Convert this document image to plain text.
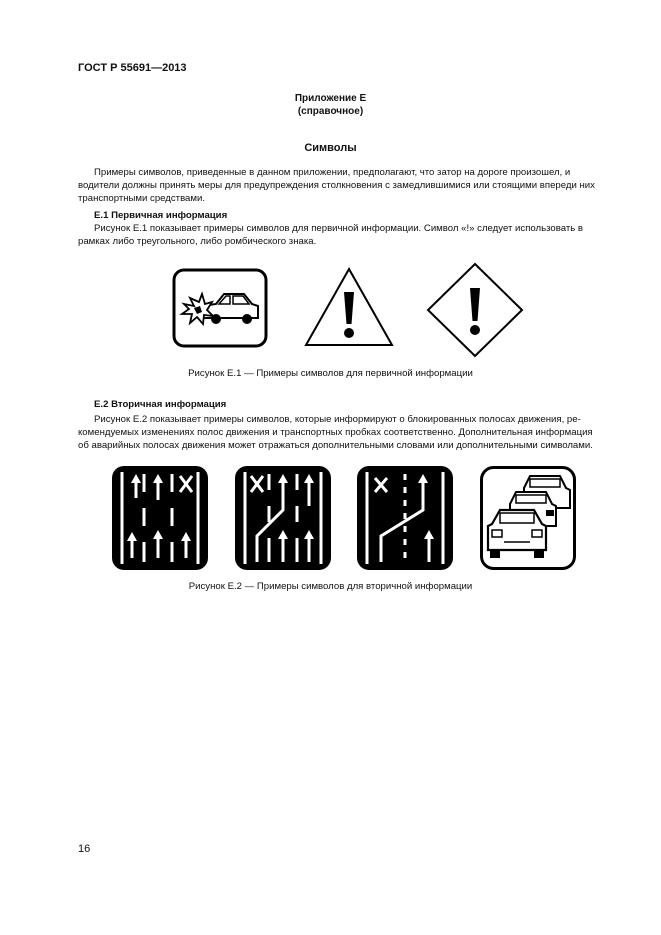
ГОСТ Р 55691—2013
Приложение Е
(справочное)
Символы
Примеры символов, приведенные в данном приложении, предполагают, что затор на дороге произошел, и
водители должны принять меры для предупреждения столкновения с замедлившимися или стоящими впереди них
транспортными средствами.
Е.1 Первичная информация
Рисунок Е.1 показывает примеры символов для первичной информации. Символ «!» следует использовать в
рамках либо треугольного, либо ромбического знака.
Рисунок Е.1 — Примеры символов для первичной информации
Е.2 Вторичная информация
Рисунок Е.2 показывает примеры символов, которые информируют о блокированных полосах движения, ре-
комендуемых изменениях полос движения и транспортных пробках соответственно. Дополнительная информация
об аварийных полосах движения может отражаться дополнительными словами или дополнительными символами.
Рисунок Е.2 — Примеры символов для вторичной информации
16
